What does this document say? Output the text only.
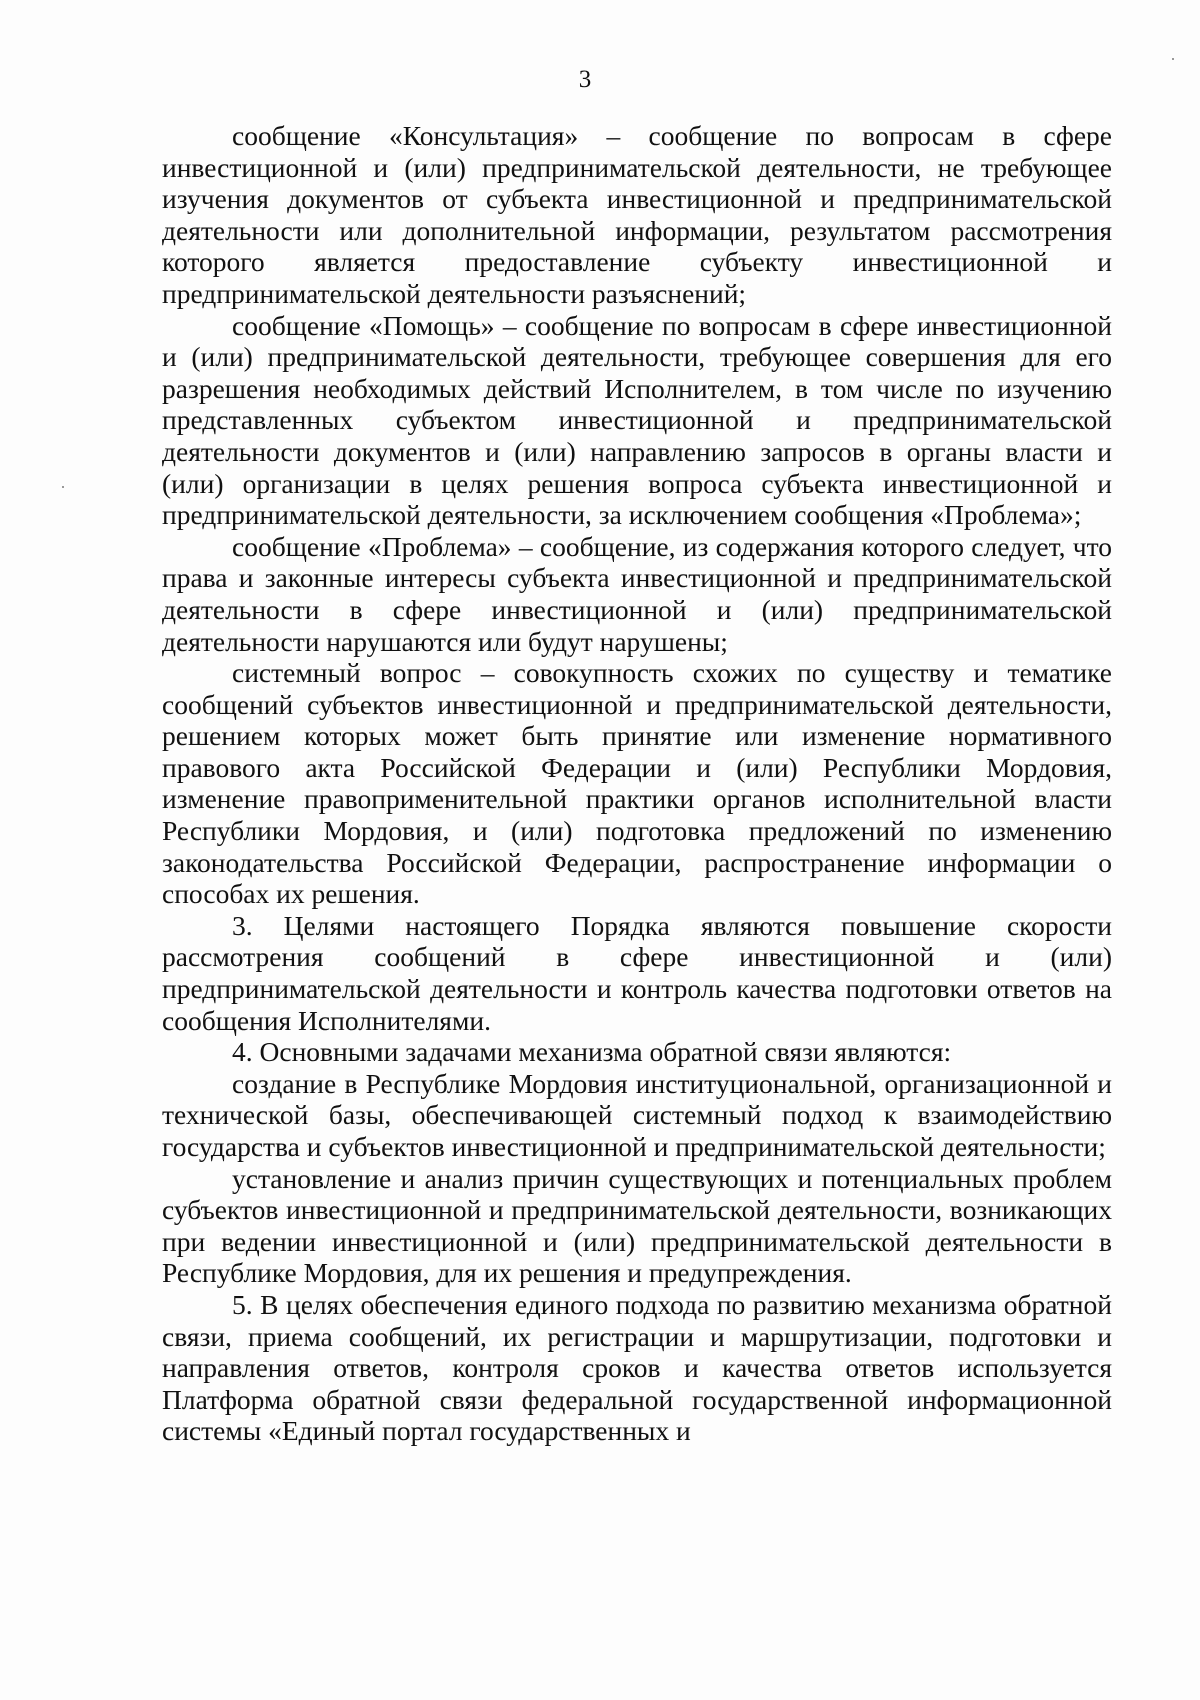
3

сообщение «Консультация» – сообщение по вопросам в сфере инвестиционной и (или) предпринимательской деятельности, не требующее изучения документов от субъекта инвестиционной и предпринимательской деятельности или дополнительной информации, результатом рассмотрения которого является предоставление субъекту инвестиционной и предпринимательской деятельности разъяснений;

сообщение «Помощь» – сообщение по вопросам в сфере инвестиционной и (или) предпринимательской деятельности, требующее совершения для его разрешения необходимых действий Исполнителем, в том числе по изучению представленных субъектом инвестиционной и предпринимательской деятельности документов и (или) направлению запросов в органы власти и (или) организации в целях решения вопроса субъекта инвестиционной и предпринимательской деятельности, за исключением сообщения «Проблема»;

сообщение «Проблема» – сообщение, из содержания которого следует, что права и законные интересы субъекта инвестиционной и предпринимательской деятельности в сфере инвестиционной и (или) предпринимательской деятельности нарушаются или будут нарушены;

системный вопрос – совокупность схожих по существу и тематике сообщений субъектов инвестиционной и предпринимательской деятельности, решением которых может быть принятие или изменение нормативного правового акта Российской Федерации и (или) Республики Мордовия, изменение правоприменительной практики органов исполнительной власти Республики Мордовия, и (или) подготовка предложений по изменению законодательства Российской Федерации, распространение информации о способах их решения.

3. Целями настоящего Порядка являются повышение скорости рассмотрения сообщений в сфере инвестиционной и (или) предпринимательской деятельности и контроль качества подготовки ответов на сообщения Исполнителями.

4. Основными задачами механизма обратной связи являются:

создание в Республике Мордовия институциональной, организационной и технической базы, обеспечивающей системный подход к взаимодействию государства и субъектов инвестиционной и предпринимательской деятельности;

установление и анализ причин существующих и потенциальных проблем субъектов инвестиционной и предпринимательской деятельности, возникающих при ведении инвестиционной и (или) предпринимательской деятельности в Республике Мордовия, для их решения и предупреждения.

5. В целях обеспечения единого подхода по развитию механизма обратной связи, приема сообщений, их регистрации и маршрутизации, подготовки и направления ответов, контроля сроков и качества ответов используется Платформа обратной связи федеральной государственной информационной системы «Единый портал государственных и
